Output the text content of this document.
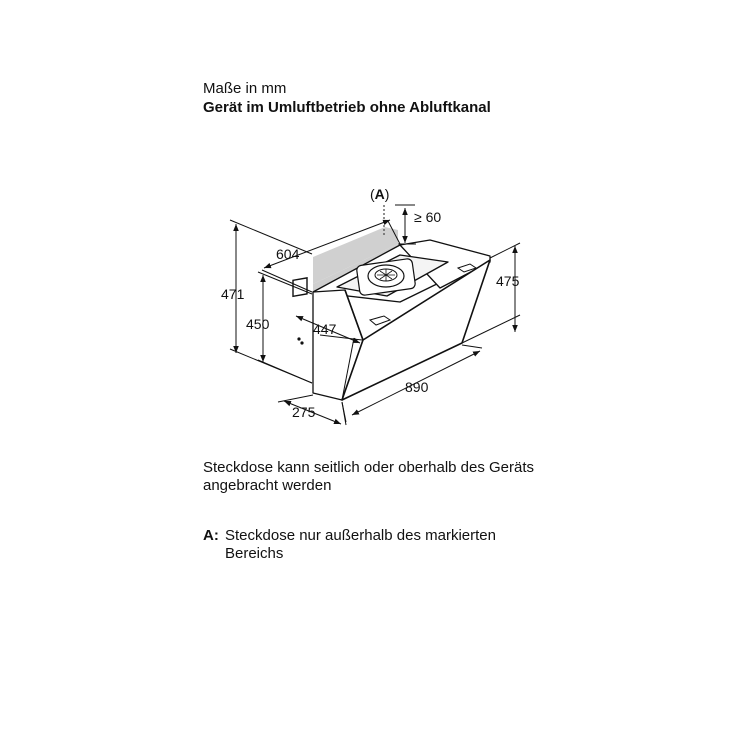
Maße in mm
Gerät im Umluftbetrieb ohne Abluftkanal
(A)
≥ 60
604
471
475
450	447
890
275
Steckdose kann seitlich oder oberhalb des Geräts angebracht werden
A: Steckdose nur außerhalb des markierten Bereichs
